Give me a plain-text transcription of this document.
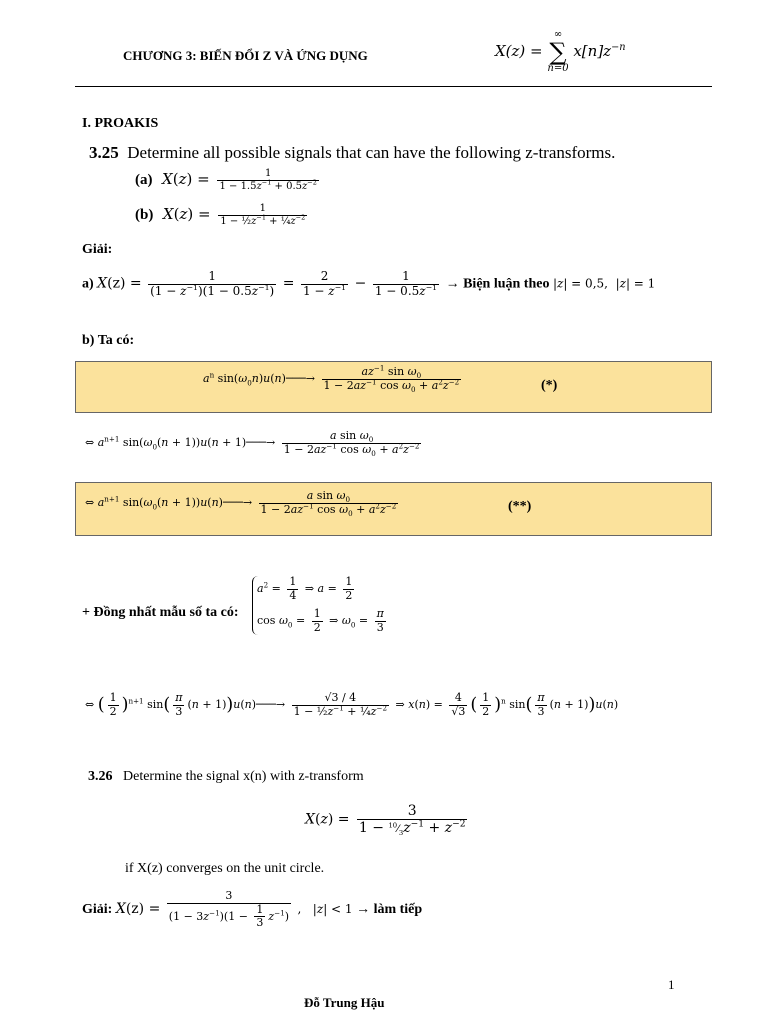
CHƯƠNG 3: BIẾN ĐỔI Z VÀ ỨNG DỤNG	X(z) =
∞
∑
n=0
$x[n]z^{-n}$
I. PROAKIS
3.25 Determine all possible signals that can have the following z-transforms.
(a) $X(z) = \frac{1}{1 - 1.5z^{-1} + 0.5z^{-2}}$
(b) $X(z) = \frac{1}{1 - \frac{1}{2}z^{-1} + \frac{1}{4}z^{-2}}$
Giải:
a) $X(z) = \frac{1}{(1 - z^{-1})(1 - 0.5z^{-1})} = \frac{2}{1 - z^{-1}} - \frac{1}{1 - 0.5z^{-1}}$ → Biện luận theo |z| = 0,5,  |z| = 1
b) Ta có:
$a^n$ $\sin(\omega_0n)u(n)───\to \frac{az^{-1} \sin \omega_0}{1 - 2az^{-1} \cos \omega_0 + a^2z^{-2}}$	(*)
⇔ $a^{n+1}$ $\sin(\omega_0(n + 1))u(n$ + 1)───→ $\frac{a \sin \omega_0}{1 - 2az^{-1} \cos \omega_0 + a^2z^{-2}}$
⇔ $a^{n+1}$ $\sin(\omega_0(n$ + 1))u(n)───→ $\frac{a \sin \omega_0}{1 - 2az^{-1} \cos \omega_0 + a^2z^{-2}}$	(**)
+ Đồng nhất mẫu số ta có:
$a^2 = \frac{1}{4}$ ⇒ $a = \frac{1}{2}$
$\cos \omega_0 = \frac{1}{2}$ ⇒ $\omega_0 = \frac{\pi}{3}$
⇔ ( $\frac{1}{2} )^{n+1}$ $\sin( \frac{\pi}{3} (n$ + 1))u(n)───→ $\frac{√3 / 4}{1 - \frac{1}{2}z^{-1} + \frac{1}{4}z^{-2}}$ ⇒ $x(n) = \frac{4}{√3}$ ( $\frac{1}{2} )^n$ $\sin( \frac{\pi}{3} (n + 1))u(n)$
3.26 Determine the signal x(n) with z-transform
$X(z) = \frac{3}{1 - ^{10}⁄_3z^{-1} + z^{-2}}$
if X(z) converges on the unit circle.
Giải: $X(z) = \frac{3}{(1 - 3z^{-1})(1 - \frac{1}{3} z^{-1})}$ ,   |z| < 1 → làm tiếp
1
Đỗ Trung Hậu
